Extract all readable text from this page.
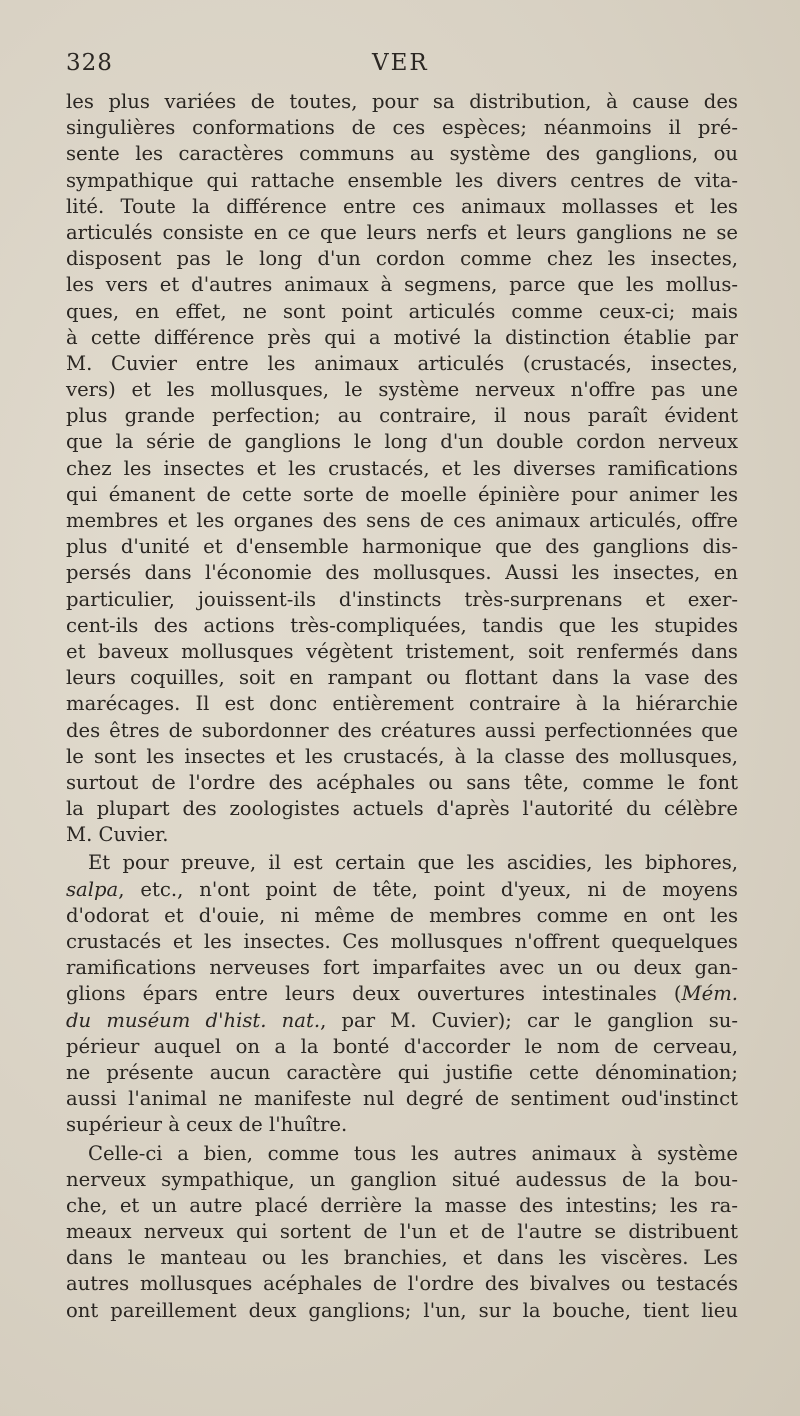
328	VER
les plus variées de toutes, pour sa distribution, à cause des
singulières conformations de ces espèces; néanmoins il pré-
sente les caractères communs au système des ganglions, ou
sympathique qui rattache ensemble les divers centres de vita-
lité. Toute la différence entre ces animaux mollasses et les
articulés consiste en ce que leurs nerfs et leurs ganglions ne se
disposent pas le long d'un cordon comme chez les insectes,
les vers et d'autres animaux à segmens, parce que les mollus-
ques, en effet, ne sont point articulés comme ceux-ci; mais
à cette différence près qui a motivé la distinction établie par
M. Cuvier entre les animaux articulés (crustacés, insectes,
vers) et les mollusques, le système nerveux n'offre pas une
plus grande perfection; au contraire, il nous paraît évident
que la série de ganglions le long d'un double cordon nerveux
chez les insectes et les crustacés, et les diverses ramifications
qui émanent de cette sorte de moelle épinière pour animer les
membres et les organes des sens de ces animaux articulés, offre
plus d'unité et d'ensemble harmonique que des ganglions dis-
persés dans l'économie des mollusques. Aussi les insectes, en
particulier, jouissent-ils d'instincts très-surprenans et exer-
cent-ils des actions très-compliquées, tandis que les stupides
et baveux mollusques végètent tristement, soit renfermés dans
leurs coquilles, soit en rampant ou flottant dans la vase des
marécages. Il est donc entièrement contraire à la hiérarchie
des êtres de subordonner des créatures aussi perfectionnées que
le sont les insectes et les crustacés, à la classe des mollusques,
surtout de l'ordre des acéphales ou sans tête, comme le font
la plupart des zoologistes actuels d'après l'autorité du célèbre
M. Cuvier.
Et pour preuve, il est certain que les ascidies, les biphores,
salpa, etc., n'ont point de tête, point d'yeux, ni de moyens
d'odorat et d'ouie, ni même de membres comme en ont les
crustacés et les insectes. Ces mollusques n'offrent quequelques
ramifications nerveuses fort imparfaites avec un ou deux gan-
glions épars entre leurs deux ouvertures intestinales (Mém.
du muséum d'hist. nat., par M. Cuvier); car le ganglion su-
périeur auquel on a la bonté d'accorder le nom de cerveau,
ne présente aucun caractère qui justifie cette dénomination;
aussi l'animal ne manifeste nul degré de sentiment oud'instinct
supérieur à ceux de l'huître.
Celle-ci a bien, comme tous les autres animaux à système
nerveux sympathique, un ganglion situé audessus de la bou-
che, et un autre placé derrière la masse des intestins; les ra-
meaux nerveux qui sortent de l'un et de l'autre se distribuent
dans le manteau ou les branchies, et dans les viscères. Les
autres mollusques acéphales de l'ordre des bivalves ou testacés
ont pareillement deux ganglions; l'un, sur la bouche, tient lieu
